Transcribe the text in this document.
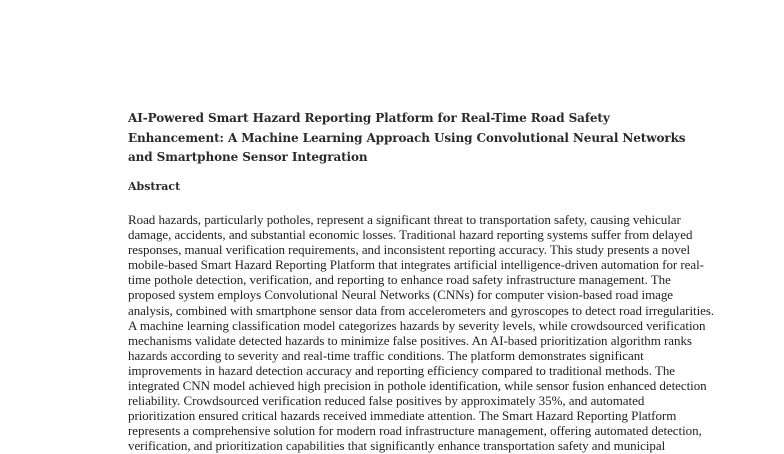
AI-Powered Smart Hazard Reporting Platform for Real-Time Road Safety
Enhancement: A Machine Learning Approach Using Convolutional Neural Networks
and Smartphone Sensor Integration
Abstract
Road hazards, particularly potholes, represent a significant threat to transportation safety, causing vehicular
damage, accidents, and substantial economic losses. Traditional hazard reporting systems suffer from delayed
responses, manual verification requirements, and inconsistent reporting accuracy. This study presents a novel
mobile-based Smart Hazard Reporting Platform that integrates artificial intelligence-driven automation for real-
time pothole detection, verification, and reporting to enhance road safety infrastructure management. The
proposed system employs Convolutional Neural Networks (CNNs) for computer vision-based road image
analysis, combined with smartphone sensor data from accelerometers and gyroscopes to detect road irregularities.
A machine learning classification model categorizes hazards by severity levels, while crowdsourced verification
mechanisms validate detected hazards to minimize false positives. An AI-based prioritization algorithm ranks
hazards according to severity and real-time traffic conditions. The platform demonstrates significant
improvements in hazard detection accuracy and reporting efficiency compared to traditional methods. The
integrated CNN model achieved high precision in pothole identification, while sensor fusion enhanced detection
reliability. Crowdsourced verification reduced false positives by approximately 35%, and automated
prioritization ensured critical hazards received immediate attention. The Smart Hazard Reporting Platform
represents a comprehensive solution for modern road infrastructure management, offering automated detection,
verification, and prioritization capabilities that significantly enhance transportation safety and municipal
